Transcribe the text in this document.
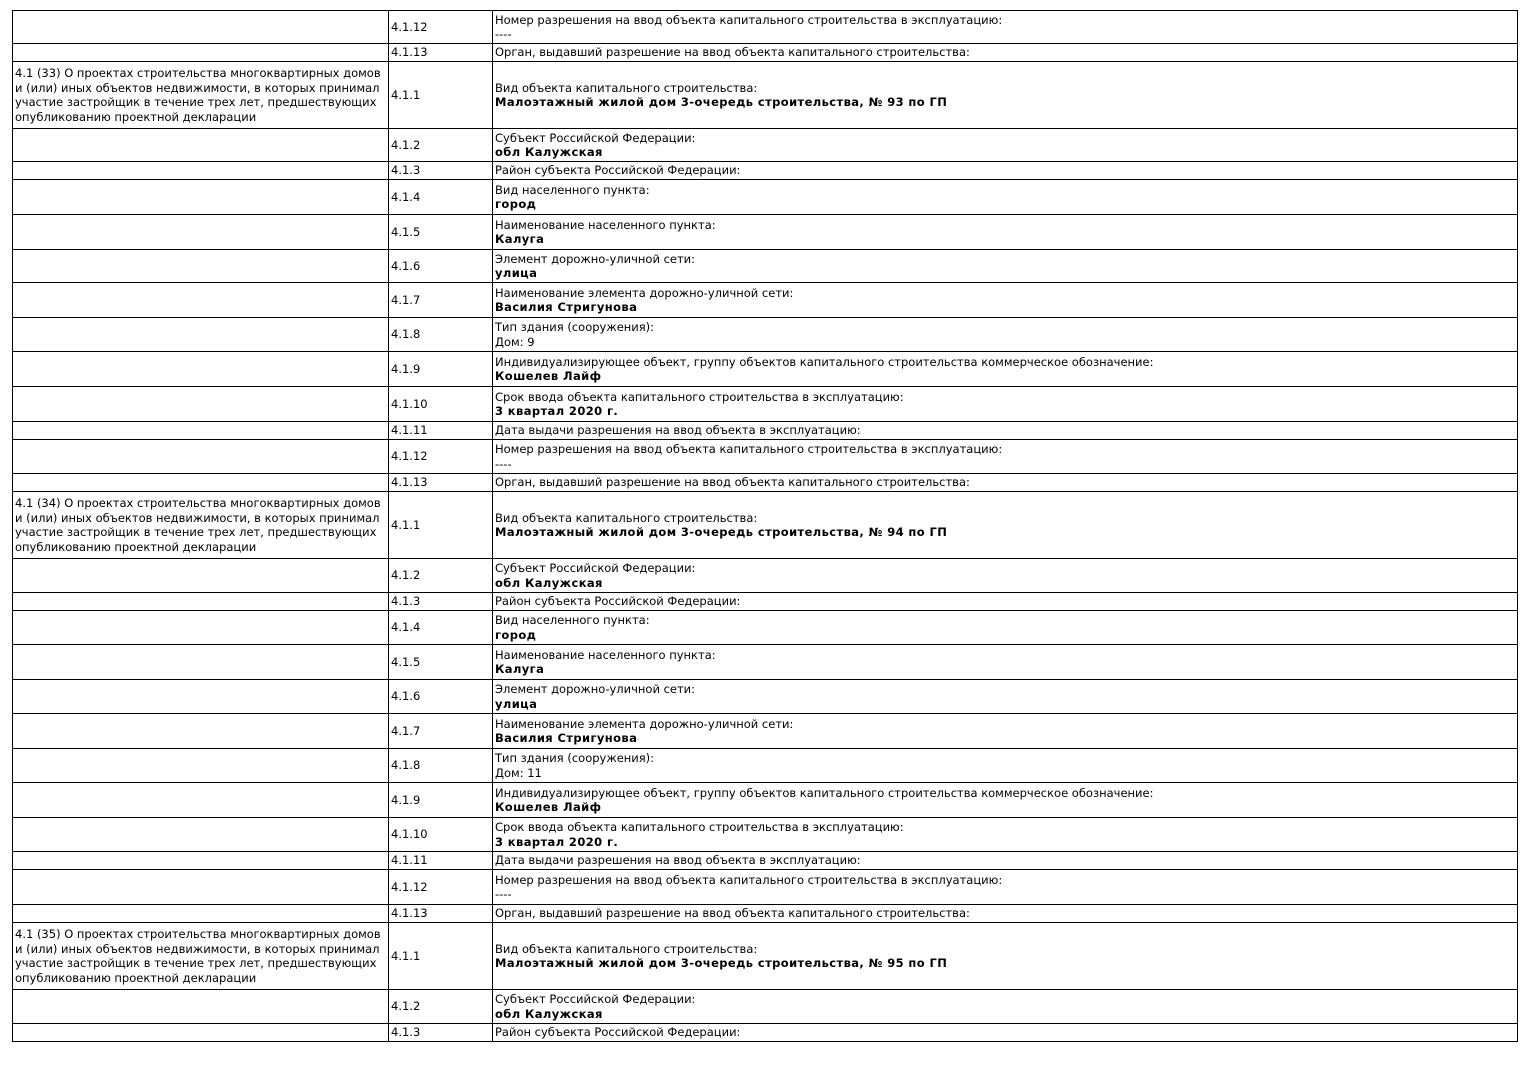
	4.1.12	Номер разрешения на ввод объекта капитального строительства в эксплуатацию:
----

	4.1.13	Орган, выдавший разрешение на ввод объекта капитального строительства:

4.1 (33) О проектах строительства многоквартирных домов и (или) иных объектов недвижимости, в которых принимал участие застройщик в течение трех лет, предшествующих опубликованию проектной декларации	4.1.1	Вид объекта капитального строительства:
Малоэтажный жилой дом 3-очередь строительства, № 93 по ГП

	4.1.2	Субъект Российской Федерации:
обл Калужская

	4.1.3	Район субъекта Российской Федерации:

	4.1.4	Вид населенного пункта:
город

	4.1.5	Наименование населенного пункта:
Калуга

	4.1.6	Элемент дорожно-уличной сети:
улица

	4.1.7	Наименование элемента дорожно-уличной сети:
Василия Стригунова

	4.1.8	Тип здания (сооружения):
Дом: 9

	4.1.9	Индивидуализирующее объект, группу объектов капитального строительства коммерческое обозначение:
Кошелев Лайф

	4.1.10	Срок ввода объекта капитального строительства в эксплуатацию:
3 квартал 2020 г.

	4.1.11	Дата выдачи разрешения на ввод объекта в эксплуатацию:

	4.1.12	Номер разрешения на ввод объекта капитального строительства в эксплуатацию:
----

	4.1.13	Орган, выдавший разрешение на ввод объекта капитального строительства:

4.1 (34) О проектах строительства многоквартирных домов и (или) иных объектов недвижимости, в которых принимал участие застройщик в течение трех лет, предшествующих опубликованию проектной декларации	4.1.1	Вид объекта капитального строительства:
Малоэтажный жилой дом 3-очередь строительства, № 94 по ГП

	4.1.2	Субъект Российской Федерации:
обл Калужская

	4.1.3	Район субъекта Российской Федерации:

	4.1.4	Вид населенного пункта:
город

	4.1.5	Наименование населенного пункта:
Калуга

	4.1.6	Элемент дорожно-уличной сети:
улица

	4.1.7	Наименование элемента дорожно-уличной сети:
Василия Стригунова

	4.1.8	Тип здания (сооружения):
Дом: 11

	4.1.9	Индивидуализирующее объект, группу объектов капитального строительства коммерческое обозначение:
Кошелев Лайф

	4.1.10	Срок ввода объекта капитального строительства в эксплуатацию:
3 квартал 2020 г.

	4.1.11	Дата выдачи разрешения на ввод объекта в эксплуатацию:

	4.1.12	Номер разрешения на ввод объекта капитального строительства в эксплуатацию:
----

	4.1.13	Орган, выдавший разрешение на ввод объекта капитального строительства:

4.1 (35) О проектах строительства многоквартирных домов и (или) иных объектов недвижимости, в которых принимал участие застройщик в течение трех лет, предшествующих опубликованию проектной декларации	4.1.1	Вид объекта капитального строительства:
Малоэтажный жилой дом 3-очередь строительства, № 95 по ГП

	4.1.2	Субъект Российской Федерации:
обл Калужская

	4.1.3	Район субъекта Российской Федерации:
